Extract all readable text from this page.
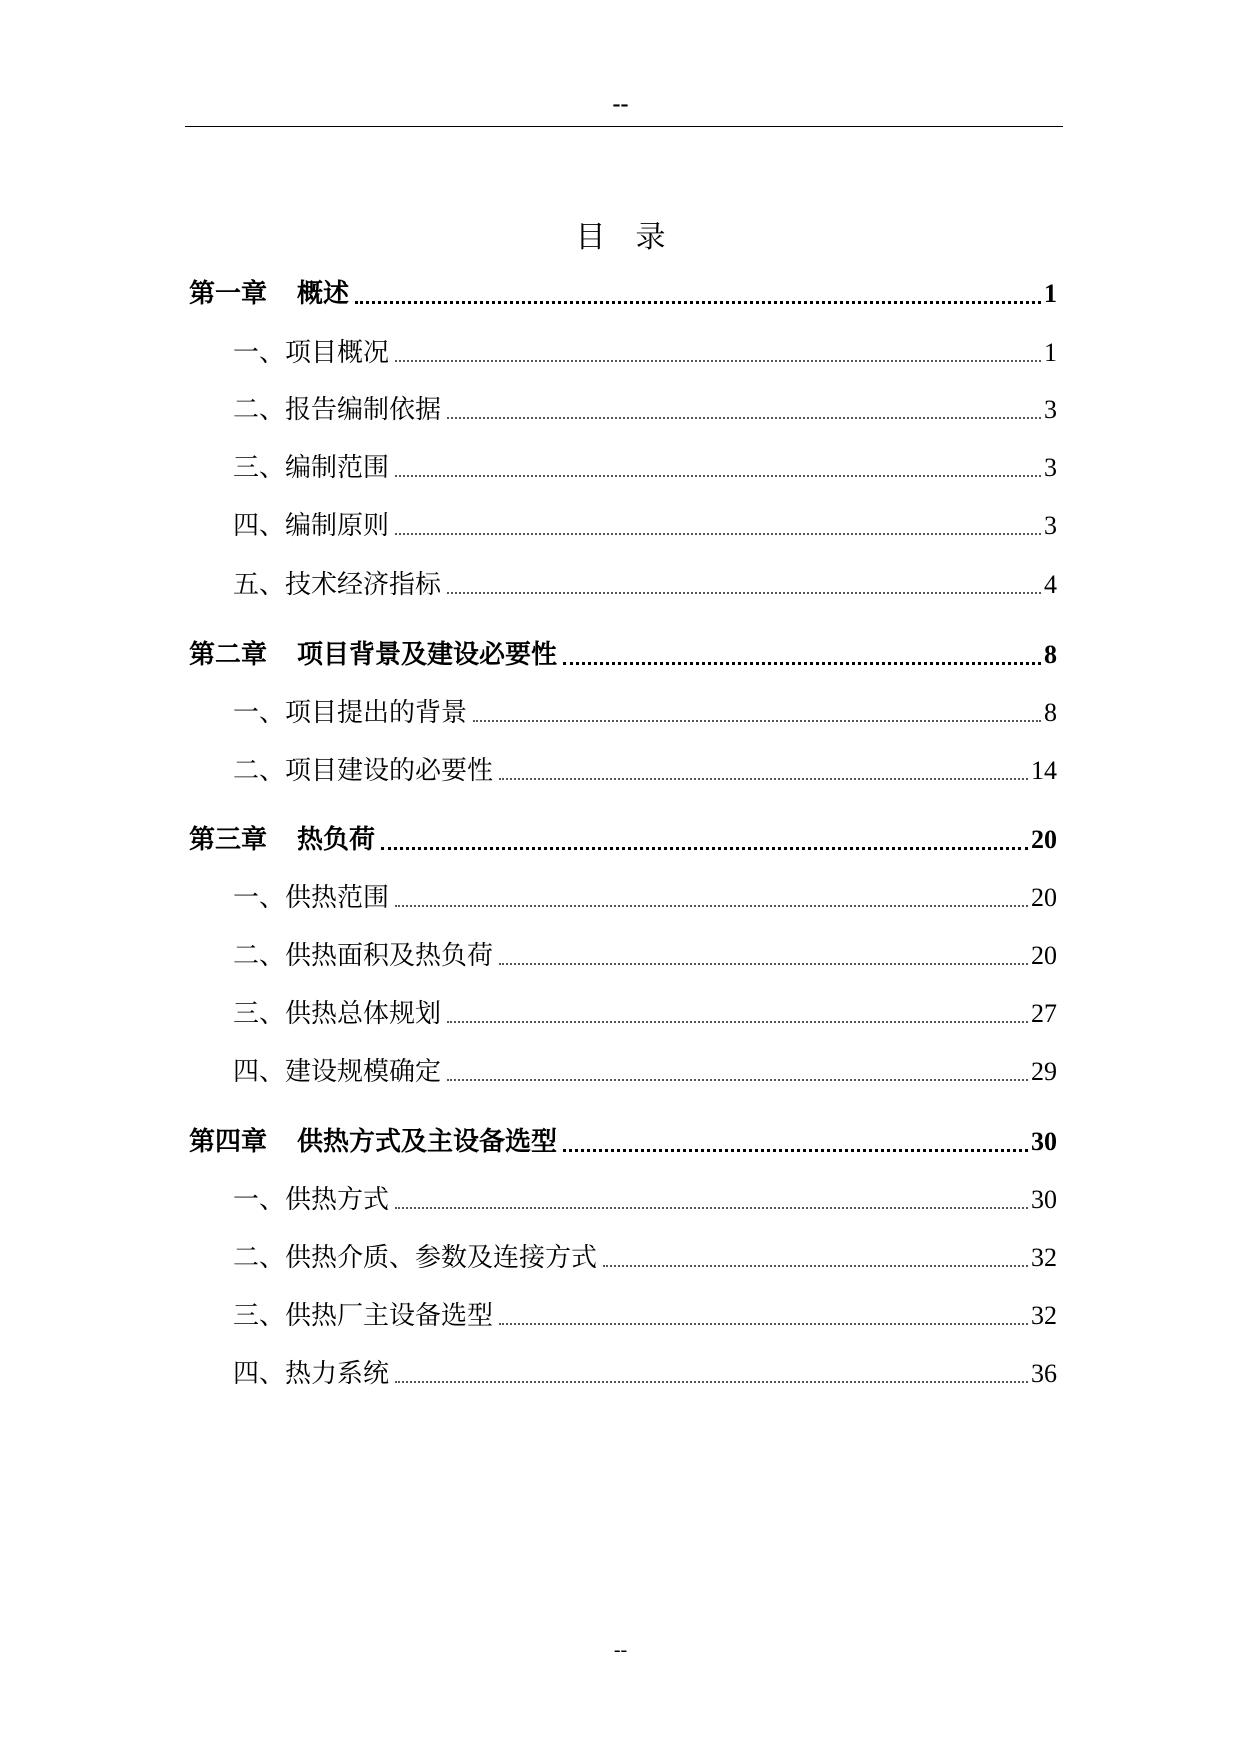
--
目录
第一章 概述	1
一、项目概况	1
二、报告编制依据	3
三、编制范围	3
四、编制原则	3
五、技术经济指标	4
第二章 项目背景及建设必要性	8
一、项目提出的背景	8
二、项目建设的必要性	14
第三章 热负荷	20
一、供热范围	20
二、供热面积及热负荷	20
三、供热总体规划	27
四、建设规模确定	29
第四章 供热方式及主设备选型	30
一、供热方式	30
二、供热介质、参数及连接方式	32
三、供热厂主设备选型	32
四、热力系统	36
--
